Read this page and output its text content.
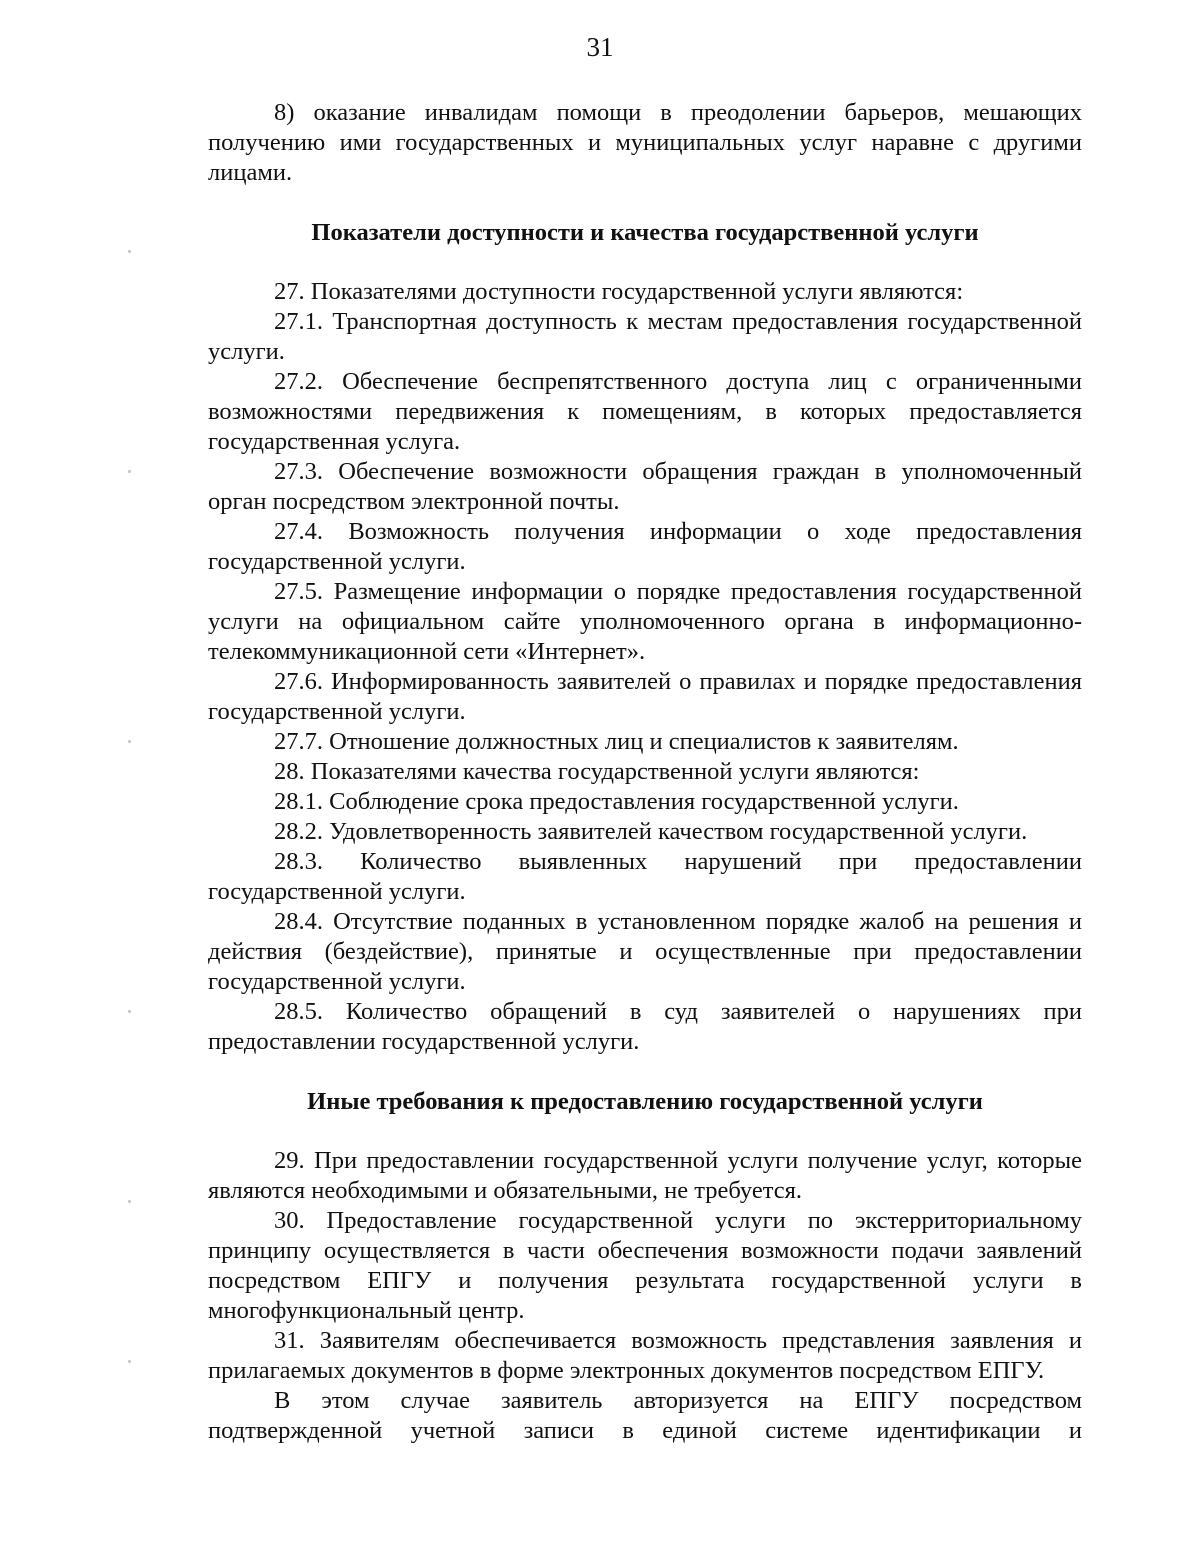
31

8) оказание инвалидам помощи в преодолении барьеров, мешающих получению ими государственных и муниципальных услуг наравне с другими лицами.

Показатели доступности и качества государственной услуги

27. Показателями доступности государственной услуги являются:

27.1. Транспортная доступность к местам предоставления государственной услуги.

27.2. Обеспечение беспрепятственного доступа лиц с ограниченными возможностями передвижения к помещениям, в которых предоставляется государственная услуга.

27.3. Обеспечение возможности обращения граждан в уполномоченный орган посредством электронной почты.

27.4. Возможность получения информации о ходе предоставления государственной услуги.

27.5. Размещение информации о порядке предоставления государственной услуги на официальном сайте уполномоченного органа в информационно-телекоммуникационной сети «Интернет».

27.6. Информированность заявителей о правилах и порядке предоставления государственной услуги.

27.7. Отношение должностных лиц и специалистов к заявителям.

28. Показателями качества государственной услуги являются:

28.1. Соблюдение срока предоставления государственной услуги.

28.2. Удовлетворенность заявителей качеством государственной услуги.

28.3. Количество выявленных нарушений при предоставлении государственной услуги.

28.4. Отсутствие поданных в установленном порядке жалоб на решения и действия (бездействие), принятые и осуществленные при предоставлении государственной услуги.

28.5. Количество обращений в суд заявителей о нарушениях при предоставлении государственной услуги.

Иные требования к предоставлению государственной услуги

29. При предоставлении государственной услуги получение услуг, которые являются необходимыми и обязательными, не требуется.

30. Предоставление государственной услуги по экстерриториальному принципу осуществляется в части обеспечения возможности подачи заявлений посредством ЕПГУ и получения результата государственной услуги в многофункциональный центр.

31. Заявителям обеспечивается возможность представления заявления и прилагаемых документов в форме электронных документов посредством ЕПГУ.

В этом случае заявитель авторизуется на ЕПГУ посредством подтвержденной учетной записи в единой системе идентификации и
